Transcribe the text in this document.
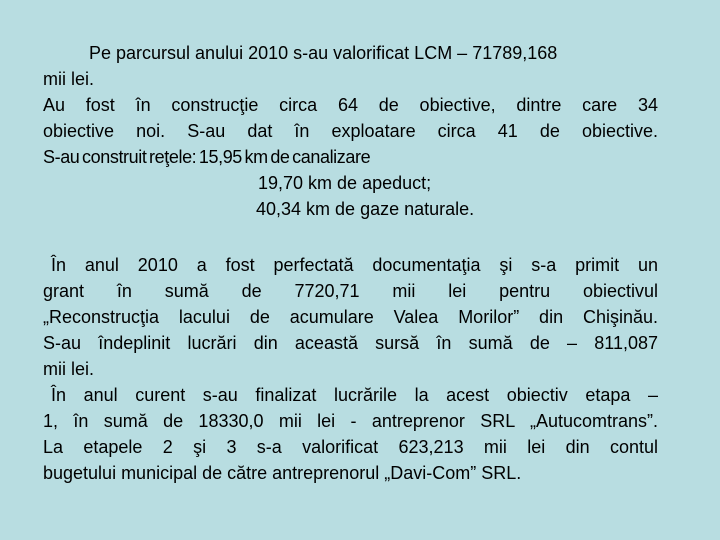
Pe parcursul anului 2010 s-au valorificat LCM – 71789,168
mii lei.
Au fost în construcţie circa 64 de obiective, dintre care 34
obiective noi. S-au dat în exploatare circa 41 de obiective.
S-au construit reţele: 15,95 km de canalizare
19,70 km de apeduct;
40,34 km de gaze naturale.
În anul 2010 a fost perfectată documentaţia şi s-a primit un
grant în sumă de 7720,71 mii lei pentru obiectivul
„Reconstrucţia lacului de acumulare Valea Morilor” din Chişinău.
S-au îndeplinit lucrări din această sursă în sumă de – 811,087
mii lei.
În anul curent s-au finalizat lucrările la acest obiectiv etapa –
1, în sumă de 18330,0 mii lei - antreprenor SRL „Autucomtrans”.
La etapele 2 şi 3 s-a valorificat 623,213 mii lei din contul
bugetului municipal de către antreprenorul „Davi-Com” SRL.
